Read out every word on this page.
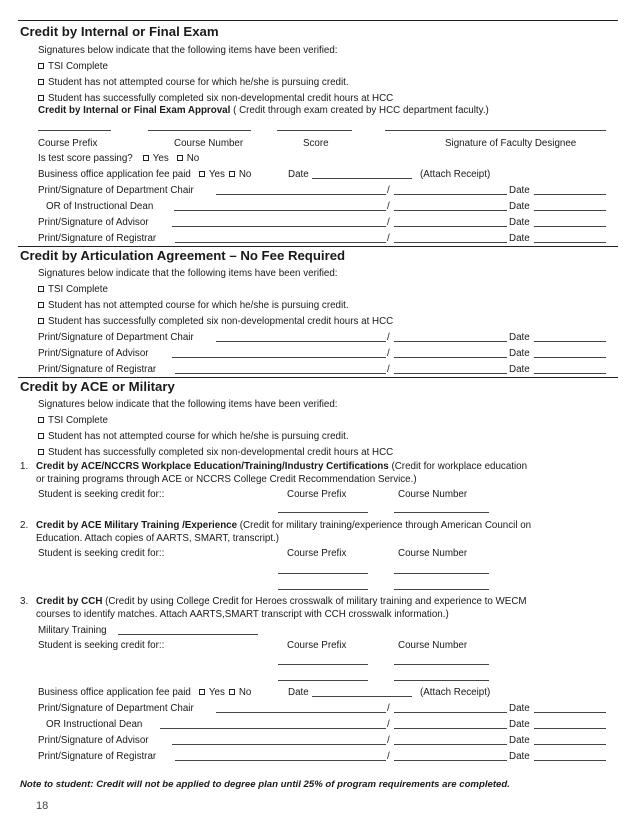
Credit by Internal or Final Exam
Signatures below indicate that the following items have been verified:
TSI Complete
Student has not attempted course for which he/she is pursuing credit.
Student has successfully completed six non-developmental credit hours at HCC
Credit by Internal or Final Exam Approval ( Credit through exam created by HCC department faculty.)
Course Prefix	Course Number	Score	Signature of Faculty Designee
Is test score passing? Yes No
Business office application fee paid Yes No	Date	(Attach Receipt)
Print/Signature of Department Chair	/	Date
OR of Instructional Dean	/	Date
Print/Signature of Advisor	/	Date
Print/Signature of Registrar	/	Date
Credit by Articulation Agreement – No Fee Required
Signatures below indicate that the following items have been verified:
TSI Complete
Student has not attempted course for which he/she is pursuing credit.
Student has successfully completed six non-developmental credit hours at HCC
Print/Signature of Department Chair	/	Date
Print/Signature of Advisor	/	Date
Print/Signature of Registrar	/	Date
Credit by ACE or Military
Signatures below indicate that the following items have been verified:
TSI Complete
Student has not attempted course for which he/she is pursuing credit.
Student has successfully completed six non-developmental credit hours at HCC
1. Credit by ACE/NCCRS Workplace Education/Training/Industry Certifications (Credit for workplace education
or training programs through ACE or NCCRS College Credit Recommendation Service.)
Student is seeking credit for::	Course Prefix	Course Number
2. Credit by ACE Military Training /Experience (Credit for military training/experience through American Council on
Education. Attach copies of AARTS, SMART, transcript.)
Student is seeking credit for::	Course Prefix	Course Number
3. Credit by CCH (Credit by using College Credit for Heroes crosswalk of military training and experience to WECM
courses to identify matches. Attach AARTS,SMART transcript with CCH crosswalk information.)
Military Training
Student is seeking credit for::	Course Prefix	Course Number
Business office application fee paid Yes No	Date	(Attach Receipt)
Print/Signature of Department Chair	/	Date
OR Instructional Dean	/	Date
Print/Signature of Advisor	/	Date
Print/Signature of Registrar	/	Date
Note to student: Credit will not be applied to degree plan until 25% of program requirements are completed.
18
